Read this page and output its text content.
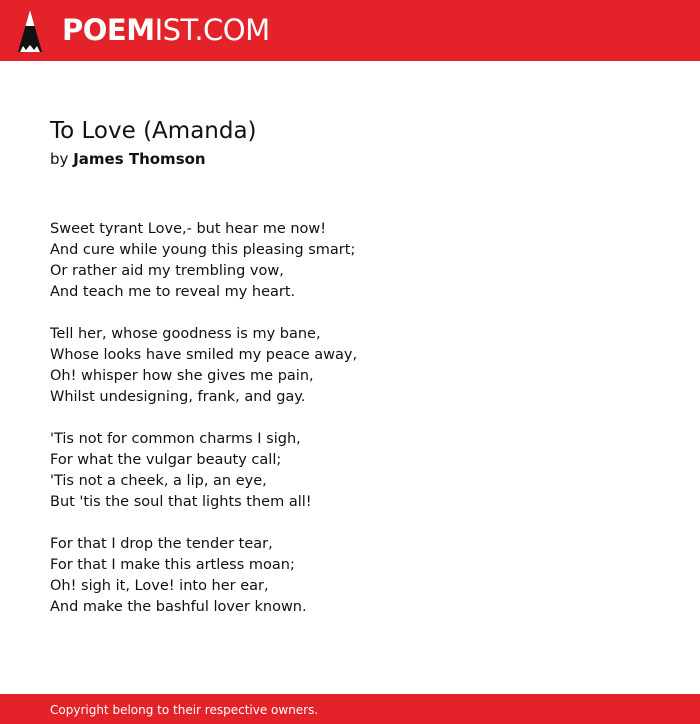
POEMIST.COM
To Love (Amanda)
by James Thomson
Sweet tyrant Love,- but hear me now!
And cure while young this pleasing smart;
Or rather aid my trembling vow,
And teach me to reveal my heart.
Tell her, whose goodness is my bane,
Whose looks have smiled my peace away,
Oh! whisper how she gives me pain,
Whilst undesigning, frank, and gay.
'Tis not for common charms I sigh,
For what the vulgar beauty call;
'Tis not a cheek, a lip, an eye,
But 'tis the soul that lights them all!
For that I drop the tender tear,
For that I make this artless moan;
Oh! sigh it, Love! into her ear,
And make the bashful lover known.
Copyright belong to their respective owners.
